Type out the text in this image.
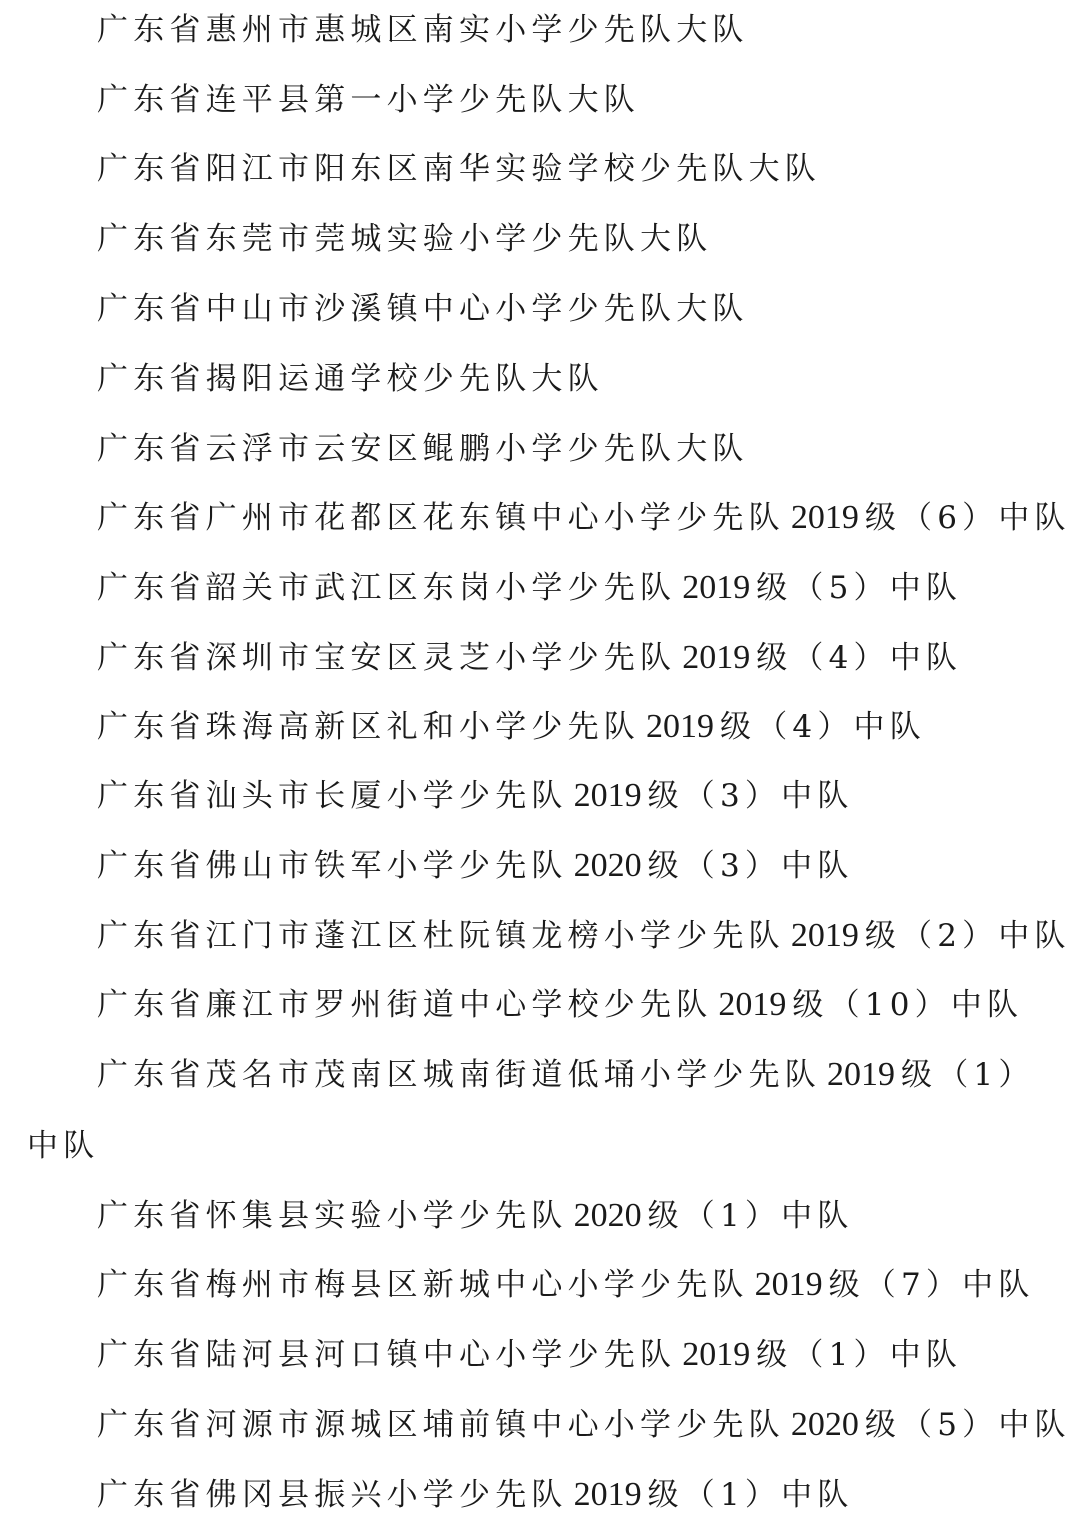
广东省惠州市惠城区南实小学少先队大队
广东省连平县第一小学少先队大队
广东省阳江市阳东区南华实验学校少先队大队
广东省东莞市莞城实验小学少先队大队
广东省中山市沙溪镇中心小学少先队大队
广东省揭阳运通学校少先队大队
广东省云浮市云安区鲲鹏小学少先队大队
广东省广州市花都区花东镇中心小学少先队 2019 级（6）中队
广东省韶关市武江区东岗小学少先队 2019 级（5）中队
广东省深圳市宝安区灵芝小学少先队 2019 级（4）中队
广东省珠海高新区礼和小学少先队 2019 级（4）中队
广东省汕头市长厦小学少先队 2019 级（3）中队
广东省佛山市铁军小学少先队 2020 级（3）中队
广东省江门市蓬江区杜阮镇龙榜小学少先队 2019 级（2）中队
广东省廉江市罗州街道中心学校少先队 2019 级（10）中队
广东省茂名市茂南区城南街道低埇小学少先队 2019 级（1）
中队
广东省怀集县实验小学少先队 2020 级（1）中队
广东省梅州市梅县区新城中心小学少先队 2019 级（7）中队
广东省陆河县河口镇中心小学少先队 2019 级（1）中队
广东省河源市源城区埔前镇中心小学少先队 2020 级（5）中队
广东省佛冈县振兴小学少先队 2019 级（1）中队
